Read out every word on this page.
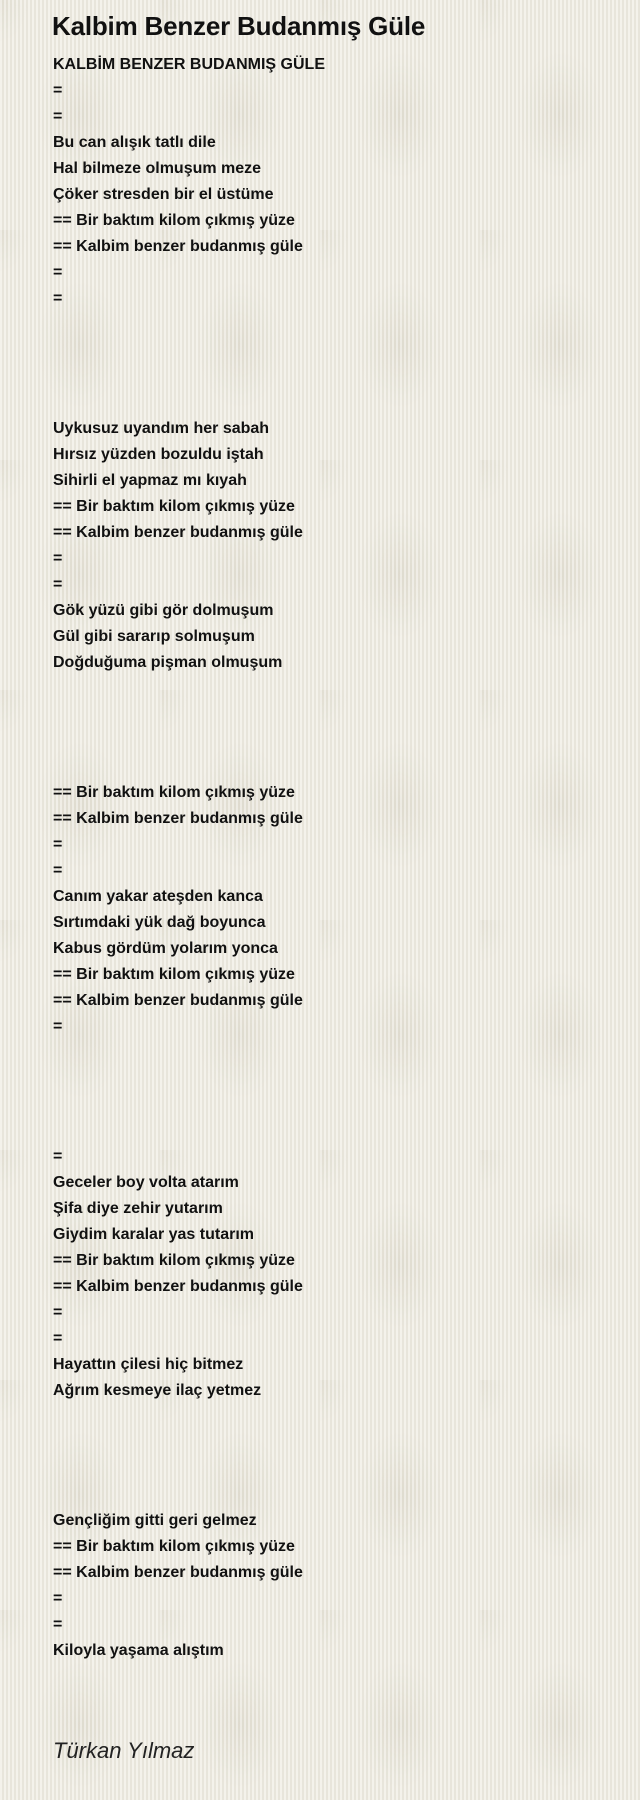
Kalbim Benzer Budanmış Güle
KALBİM BENZER BUDANMIŞ GÜLE
=
=
Bu can alışık tatlı dile
Hal bilmeze olmuşum meze
Çöker stresden bir el üstüme
== Bir baktım kilom çıkmış yüze
== Kalbim benzer budanmış güle
=
=
Uykusuz uyandım her sabah
Hırsız yüzden bozuldu iştah
Sihirli el yapmaz mı kıyah
== Bir baktım kilom çıkmış yüze
== Kalbim benzer budanmış güle
=
=
Gök yüzü gibi gör dolmuşum
Gül gibi sararıp solmuşum
Doğduğuma pişman olmuşum
== Bir baktım kilom çıkmış yüze
== Kalbim benzer budanmış güle
=
=
Canım yakar ateşden kanca
Sırtımdaki yük dağ boyunca
Kabus gördüm yolarım yonca
== Bir baktım kilom çıkmış yüze
== Kalbim benzer budanmış güle
=
=
Geceler boy volta atarım
Şifa diye zehir yutarım
Giydim karalar yas tutarım
== Bir baktım kilom çıkmış yüze
== Kalbim benzer budanmış güle
=
=
Hayattın çilesi hiç bitmez
Ağrım kesmeye ilaç yetmez
Gençliğim gitti geri gelmez
== Bir baktım kilom çıkmış yüze
== Kalbim benzer budanmış güle
=
=
Kiloyla yaşama alıştım
Türkan Yılmaz
